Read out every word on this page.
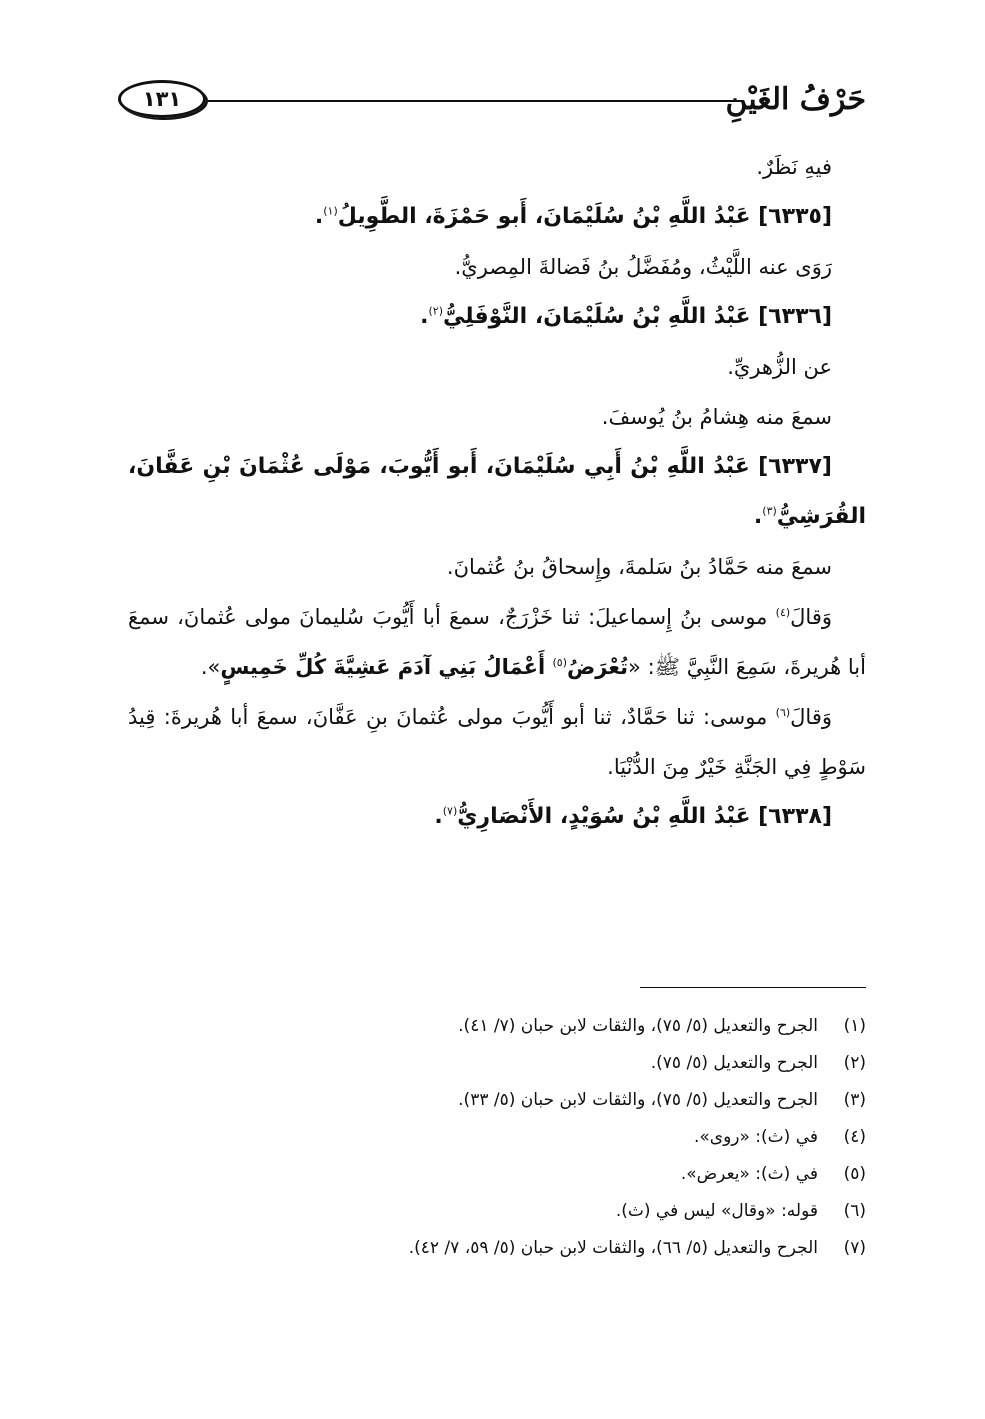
حَرْفُ الغَيْنِ
١٣١

فيهِ نَظَرٌ.

[٦٣٣٥] عَبْدُ اللَّهِ بْنُ سُلَيْمَانَ، أَبو حَمْزَةَ، الطَّوِيلُ$^{(١)}$.

رَوَى عنه اللَّيْثُ، ومُفَضَّلُ بنُ فَضالةَ المِصريُّ.

[٦٣٣٦] عَبْدُ اللَّهِ بْنُ سُلَيْمَانَ، النَّوْفَلِيُّ$^{(٢)}$.

عن الزُّهريِّ.

سمعَ منه هِشامُ بنُ يُوسفَ.

[٦٣٣٧] عَبْدُ اللَّهِ بْنُ أَبِي سُلَيْمَانَ، أَبو أَيُّوبَ، مَوْلَى عُثْمَانَ بْنِ عَفَّانَ، القُرَشِيُّ$^{(٣)}$.

سمعَ منه حَمَّادُ بنُ سَلمةَ، وإِسحاقُ بنُ عُثمانَ.

وَقالَ$^{(٤)}$ موسى بنُ إِسماعيلَ: ثنا خَزْرَجٌ، سمعَ أبا أَيُّوبَ سُليمانَ مولى عُثمانَ، سمعَ أبا هُريرةَ، سَمِعَ النَّبِيَّ ﷺ: «تُعْرَضُ$^{(٥)}$ أَعْمَالُ بَنِي آدَمَ عَشِيَّةَ كُلِّ خَمِيسٍ».

وَقالَ$^{(٦)}$ موسى: ثنا حَمَّادٌ، ثنا أبو أَيُّوبَ مولى عُثمانَ بنِ عَفَّانَ، سمعَ أبا هُريرةَ: قِيدُ سَوْطٍ فِي الجَنَّةِ خَيْرٌ مِنَ الدُّنْيَا.

[٦٣٣٨] عَبْدُ اللَّهِ بْنُ سُوَيْدٍ، الأَنْصَارِيُّ$^{(٧)}$.

(١)
الجرح والتعديل (٥/ ٧٥)، والثقات لابن حبان (٧/ ٤١).
(٢)
الجرح والتعديل (٥/ ٧٥).
(٣)
الجرح والتعديل (٥/ ٧٥)، والثقات لابن حبان (٥/ ٣٣).
(٤)
في (ث): «روى».
(٥)
في (ث): «يعرض».
(٦)
قوله: «وقال» ليس في (ث).
(٧)
الجرح والتعديل (٥/ ٦٦)، والثقات لابن حبان (٥/ ٥٩، ٧/ ٤٢).
